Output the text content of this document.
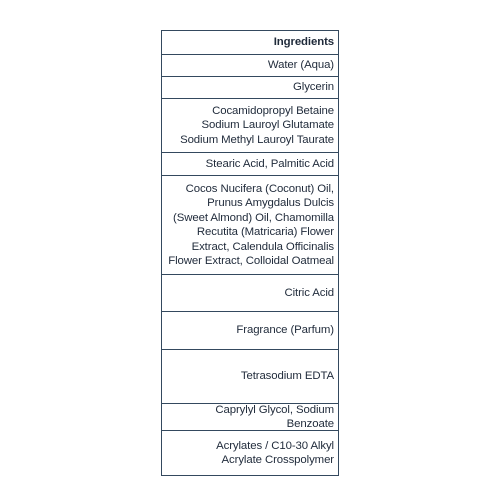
Ingredients
Water (Aqua)
Glycerin
Cocamidopropyl Betaine
Sodium Lauroyl Glutamate
Sodium Methyl Lauroyl Taurate
Stearic Acid, Palmitic Acid
Cocos Nucifera (Coconut) Oil,
Prunus Amygdalus Dulcis
(Sweet Almond) Oil, Chamomilla
Recutita (Matricaria) Flower
Extract, Calendula Officinalis
Flower Extract, Colloidal Oatmeal
Citric Acid
Fragrance (Parfum)
Tetrasodium EDTA
Caprylyl Glycol, Sodium Benzoate
Acrylates / C10-30 Alkyl
Acrylate Crosspolymer
